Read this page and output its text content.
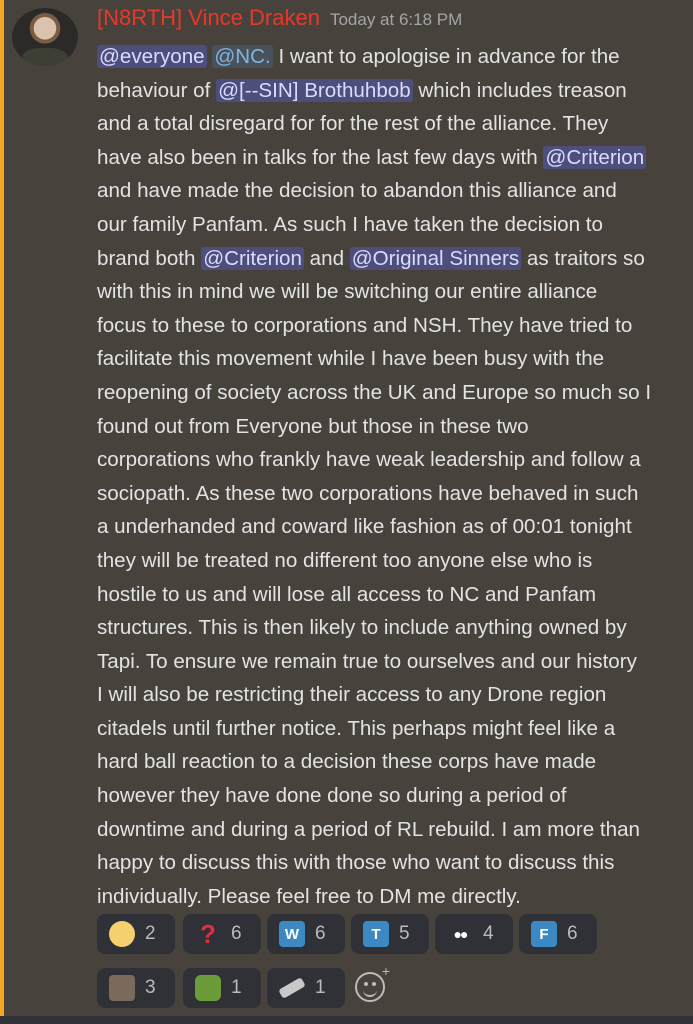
[N8RTH] Vince Draken Today at 6:18 PM
@everyone @NC. I want to apologise in advance for the
behaviour of @[--SIN] Brothuhbob which includes treason
and a total disregard for for the rest of the alliance. They
have also been in talks for the last few days with @Criterion
and have made the decision to abandon this alliance and
our family Panfam. As such I have taken the decision to
brand both @Criterion and @Original Sinners as traitors so
with this in mind we will be switching our entire alliance
focus to these to corporations and NSH. They have tried to
facilitate this movement while I have been busy with the
reopening of society across the UK and Europe so much so I
found out from Everyone but those in these two
corporations who frankly have weak leadership and follow a
sociopath. As these two corporations have behaved in such
a underhanded and coward like fashion as of 00:01 tonight
they will be treated no different too anyone else who is
hostile to us and will lose all access to NC and Panfam
structures. This is then likely to include anything owned by
Tapi. To ensure we remain true to ourselves and our history
I will also be restricting their access to any Drone region
citadels until further notice. This perhaps might feel like a
hard ball reaction to a decision these corps have made
however they have done done so during a period of
downtime and during a period of RL rebuild. I am more than
happy to discuss this with those who want to discuss this
individually. Please feel free to DM me directly.
2 ? 6	W 6	T 5	●● 4	F 6
3	1	1
+
